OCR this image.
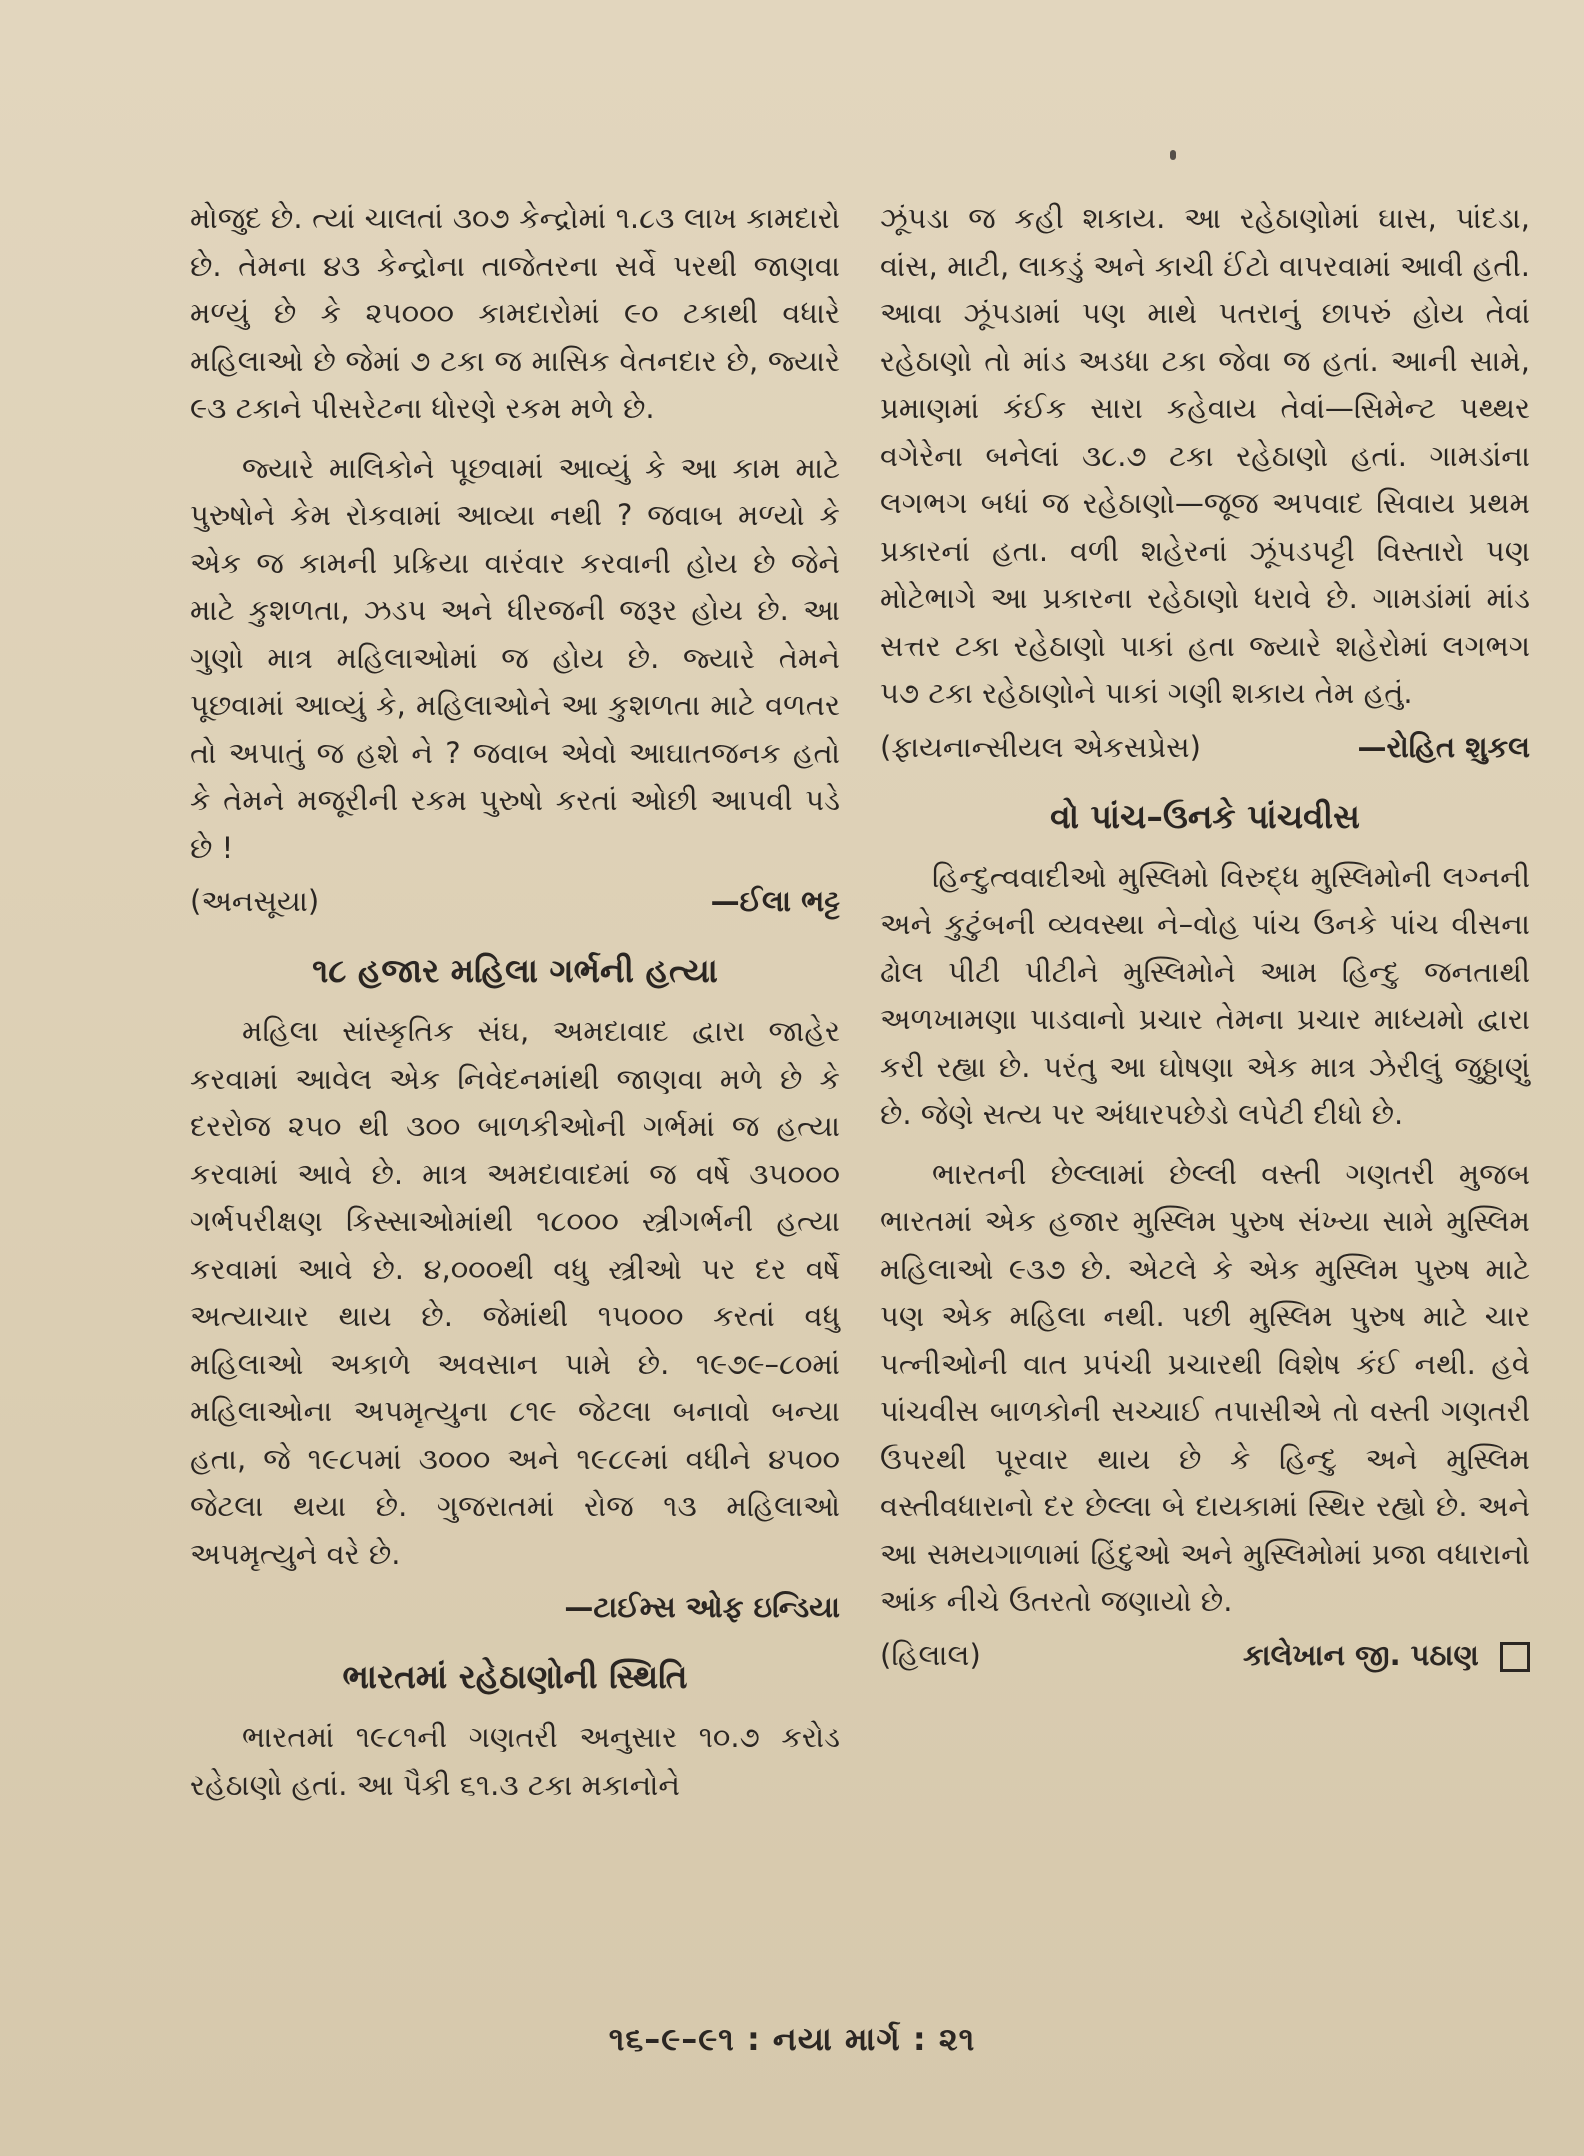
મોજુદ છે. ત્યાં ચાલતાં ૩૦૭ કેન્દ્રોમાં ૧.૮૩ લાખ કામદારો છે. તેમના ૪૩ કેન્દ્રોના તાજેતરના સર્વે પરથી જાણવા મળ્યું છે કે ૨૫૦૦૦ કામદારોમાં ૯૦ ટકાથી વધારે મહિલાઓ છે જેમાં ૭ ટકા જ માસિક વેતનદાર છે, જ્યારે ૯૩ ટકાને પીસરેટના ધોરણે રકમ મળે છે.

જ્યારે માલિકોને પૂછવામાં આવ્યું કે આ કામ માટે પુરુષોને કેમ રોકવામાં આવ્યા નથી ? જવાબ મળ્યો કે એક જ કામની પ્રક્રિયા વારંવાર કરવાની હોય છે જેને માટે કુશળતા, ઝડપ અને ધીરજની જરૂર હોય છે. આ ગુણો માત્ર મહિલાઓમાં જ હોય છે. જ્યારે તેમને પૂછવામાં આવ્યું કે, મહિલાઓને આ કુશળતા માટે વળતર તો અપાતું જ હશે ને ? જવાબ એવો આઘાતજનક હતો કે તેમને મજૂરીની રકમ પુરુષો કરતાં ઓછી આપવી પડે છે !

(અનસૂયા)	—ઈલા ભટ્ટ
૧૮ હજાર મહિલા ગર્ભની હત્યા

મહિલા સાંસ્કૃતિક સંઘ, અમદાવાદ દ્વારા જાહેર કરવામાં આવેલ એક નિવેદનમાંથી જાણવા મળે છે કે દરરોજ ૨૫૦ થી ૩૦૦ બાળકીઓની ગર્ભમાં જ હત્યા કરવામાં આવે છે. માત્ર અમદાવાદમાં જ વર્ષે ૩૫૦૦૦ ગર્ભપરીક્ષણ કિસ્સાઓમાંથી ૧૮૦૦૦ સ્ત્રીગર્ભની હત્યા કરવામાં આવે છે. ૪,૦૦૦થી વધુ સ્ત્રીઓ પર દર વર્ષે અત્યાચાર થાય છે. જેમાંથી ૧૫૦૦૦ કરતાં વધુ મહિલાઓ અકાળે અવસાન પામે છે. ૧૯૭૯–૮૦માં મહિલાઓના અપમૃત્યુના ૮૧૯ જેટલા બનાવો બન્યા હતા, જે ૧૯૮૫માં ૩૦૦૦ અને ૧૯૮૯માં વધીને ૪૫૦૦ જેટલા થયા છે. ગુજરાતમાં રોજ ૧૩ મહિલાઓ અપમૃત્યુને વરે છે.

—ટાઈમ્સ ઓફ ઇન્ડિયા
ભારતમાં રહેઠાણોની સ્થિતિ

ભારતમાં ૧૯૮૧ની ગણતરી અનુસાર ૧૦.૭ કરોડ રહેઠાણો હતાં. આ પૈકી ૬૧.૩ ટકા મકાનોને

ઝૂંપડા જ કહી શકાય. આ રહેઠાણોમાં ઘાસ, પાંદડા, વાંસ, માટી, લાકડું અને કાચી ઈંટો વાપરવામાં આવી હતી. આવા ઝૂંપડામાં પણ માથે પતરાનું છાપરું હોય તેવાં રહેઠાણો તો માંડ અડધા ટકા જેવા જ હતાં. આની સામે, પ્રમાણમાં કંઈક સારા કહેવાય તેવાં—સિમેન્ટ પથ્થર વગેરેના બનેલાં ૩૮.૭ ટકા રહેઠાણો હતાં. ગામડાંના લગભગ બધાં જ રહેઠાણો—જૂજ અપવાદ સિવાય પ્રથમ પ્રકારનાં હતા. વળી શહેરનાં ઝૂંપડપટ્ટી વિસ્તારો પણ મોટેભાગે આ પ્રકારના રહેઠાણો ધરાવે છે. ગામડાંમાં માંડ સત્તર ટકા રહેઠાણો પાકાં હતા જ્યારે શહેરોમાં લગભગ ૫૭ ટકા રહેઠાણોને પાકાં ગણી શકાય તેમ હતું.

(ફાયનાન્સીયલ એકસપ્રેસ)	—રોહિત શુકલ
વો પાંચ–ઉનકે પાંચવીસ

હિન્દુત્વવાદીઓ મુસ્લિમો વિરુદ્ધ મુસ્લિમોની લગ્નની અને કુટુંબની વ્યવસ્થા ને–વોહ પાંચ ઉનકે પાંચ વીસના ઢોલ પીટી પીટીને મુસ્લિમોને આમ હિન્દુ જનતાથી અળખામણા પાડવાનો પ્રચાર તેમના પ્રચાર માધ્યમો દ્વારા કરી રહ્યા છે. પરંતુ આ ઘોષણા એક માત્ર ઝેરીલું જુઠ્ઠાણું છે. જેણે સત્ય પર અંધારપછેડો લપેટી દીધો છે.

ભારતની છેલ્લામાં છેલ્લી વસ્તી ગણતરી મુજબ ભારતમાં એક હજાર મુસ્લિમ પુરુષ સંખ્યા સામે મુસ્લિમ મહિલાઓ ૯૩૭ છે. એટલે કે એક મુસ્લિમ પુરુષ માટે પણ એક મહિલા નથી. પછી મુસ્લિમ પુરુષ માટે ચાર પત્નીઓની વાત પ્રપંચી પ્રચારથી વિશેષ કંઈ નથી. હવે પાંચવીસ બાળકોની સચ્ચાઈ તપાસીએ તો વસ્તી ગણતરી ઉપરથી પૂરવાર થાય છે કે હિન્દુ અને મુસ્લિમ વસ્તીવધારાનો દર છેલ્લા બે દાયકામાં સ્થિર રહ્યો છે. અને આ સમયગાળામાં હિંદુઓ અને મુસ્લિમોમાં પ્રજા વધારાનો આંક નીચે ઉતરતો જણાયો છે.

(હિલાલ)	કાલેખાન જી. પઠાણ
૧૬–૯–૯૧ : નયા માર્ગ : ૨૧
